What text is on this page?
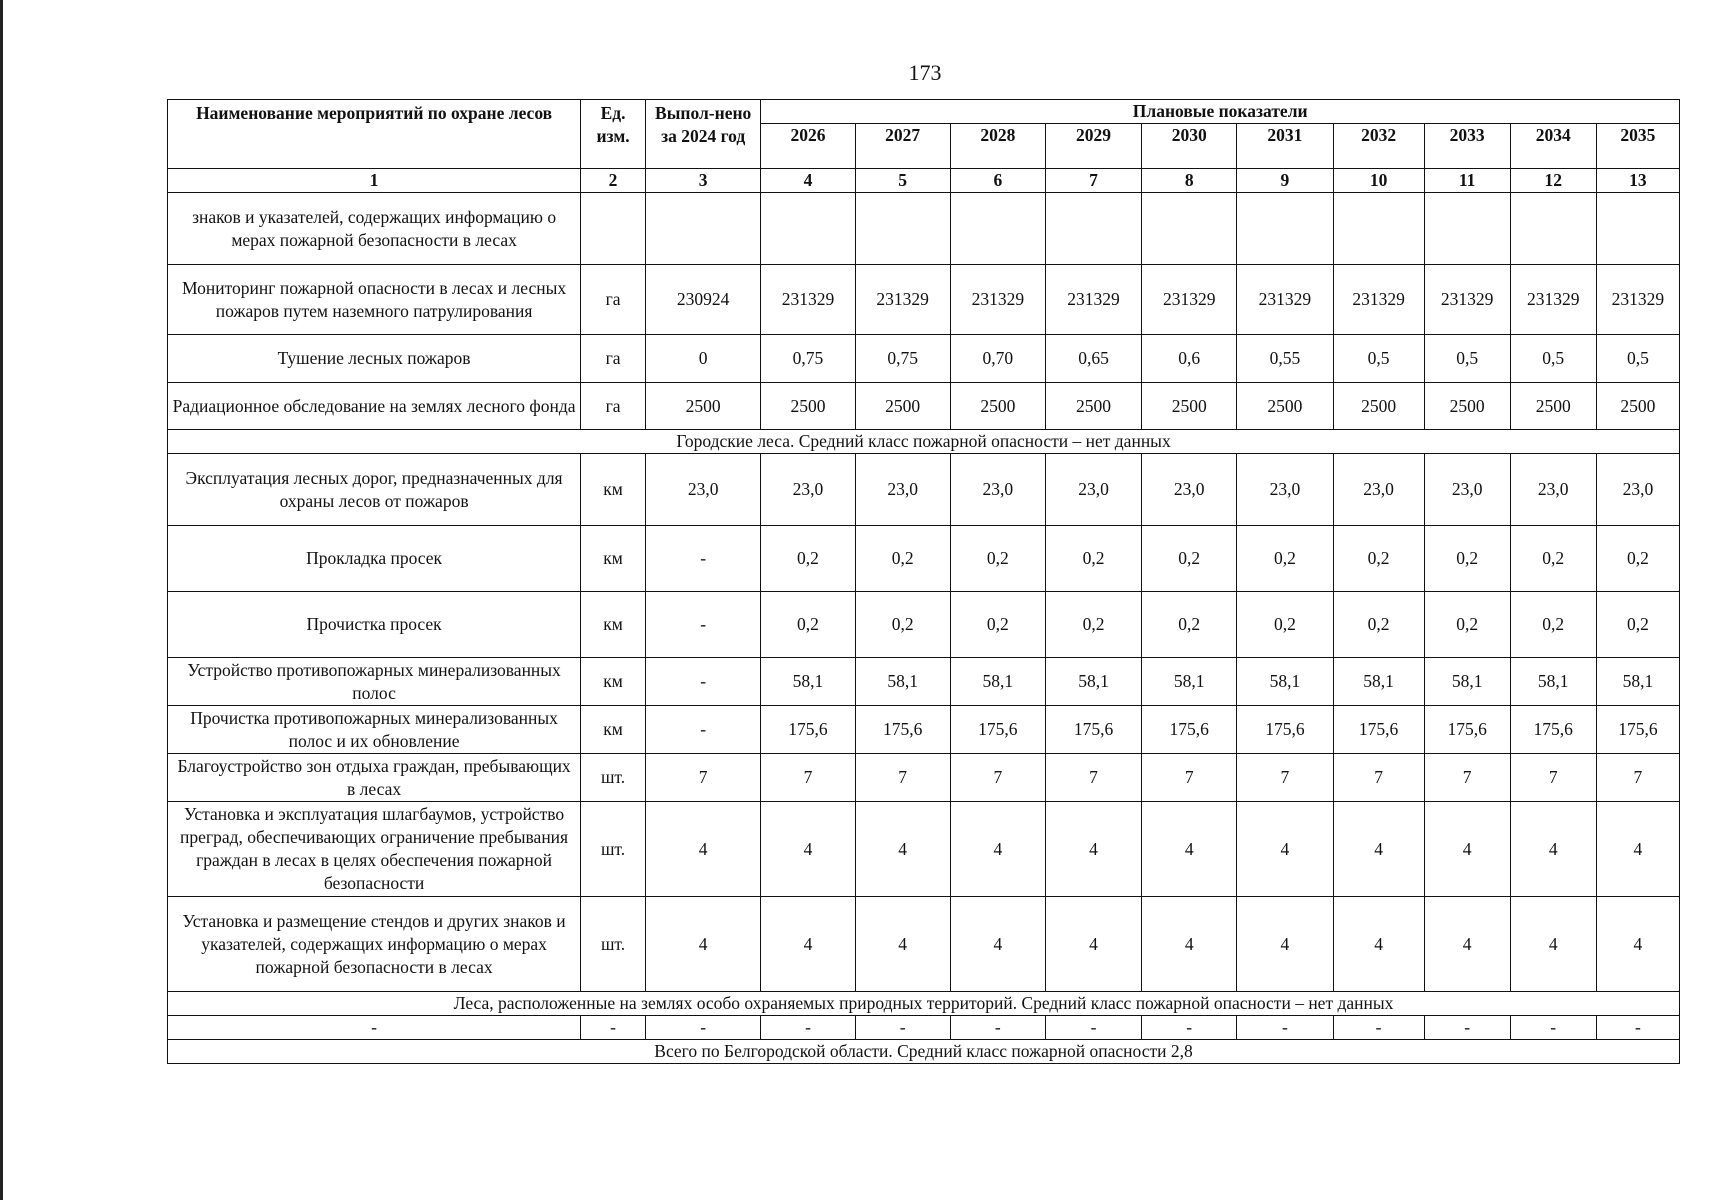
173
Наименование мероприятий по охране лесов	Ед. изм.	Выпол-нено за 2024 год	Плановые показатели									
			2026	2027	2028	2029	2030	2031	2032	2033	2034	2035
1	2	3	4	5	6	7	8	9	10	11	12	13
знаков и указателей, содержащих информацию о мерах пожарной безопасности в лесах												
Мониторинг пожарной опасности в лесах и лесных пожаров путем наземного патрулирования	га	230924	231329	231329	231329	231329	231329	231329	231329	231329	231329	231329
Тушение лесных пожаров	га	0	0,75	0,75	0,70	0,65	0,6	0,55	0,5	0,5	0,5	0,5
Радиационное обследование на землях лесного фонда	га	2500	2500	2500	2500	2500	2500	2500	2500	2500	2500	2500
Городские леса. Средний класс пожарной опасности – нет данных												
Эксплуатация лесных дорог, предназначенных для охраны лесов от пожаров	км	23,0	23,0	23,0	23,0	23,0	23,0	23,0	23,0	23,0	23,0	23,0
Прокладка просек	км	-	0,2	0,2	0,2	0,2	0,2	0,2	0,2	0,2	0,2	0,2
Прочистка просек	км	-	0,2	0,2	0,2	0,2	0,2	0,2	0,2	0,2	0,2	0,2
Устройство противопожарных минерализованных полос	км	-	58,1	58,1	58,1	58,1	58,1	58,1	58,1	58,1	58,1	58,1
Прочистка противопожарных минерализованных полос и их обновление	км	-	175,6	175,6	175,6	175,6	175,6	175,6	175,6	175,6	175,6	175,6
Благоустройство зон отдыха граждан, пребывающих в лесах	шт.	7	7	7	7	7	7	7	7	7	7	7
Установка и эксплуатация шлагбаумов, устройство преград, обеспечивающих ограничение пребывания граждан в лесах в целях обеспечения пожарной безопасности	шт.	4	4	4	4	4	4	4	4	4	4	4
Установка и размещение стендов и других знаков и указателей, содержащих информацию о мерах пожарной безопасности в лесах	шт.	4	4	4	4	4	4	4	4	4	4	4
Леса, расположенные на землях особо охраняемых природных территорий. Средний класс пожарной опасности – нет данных												
-	-	-	-	-	-	-	-	-	-	-	-	-
Всего по Белгородской области. Средний класс пожарной опасности 2,8												
